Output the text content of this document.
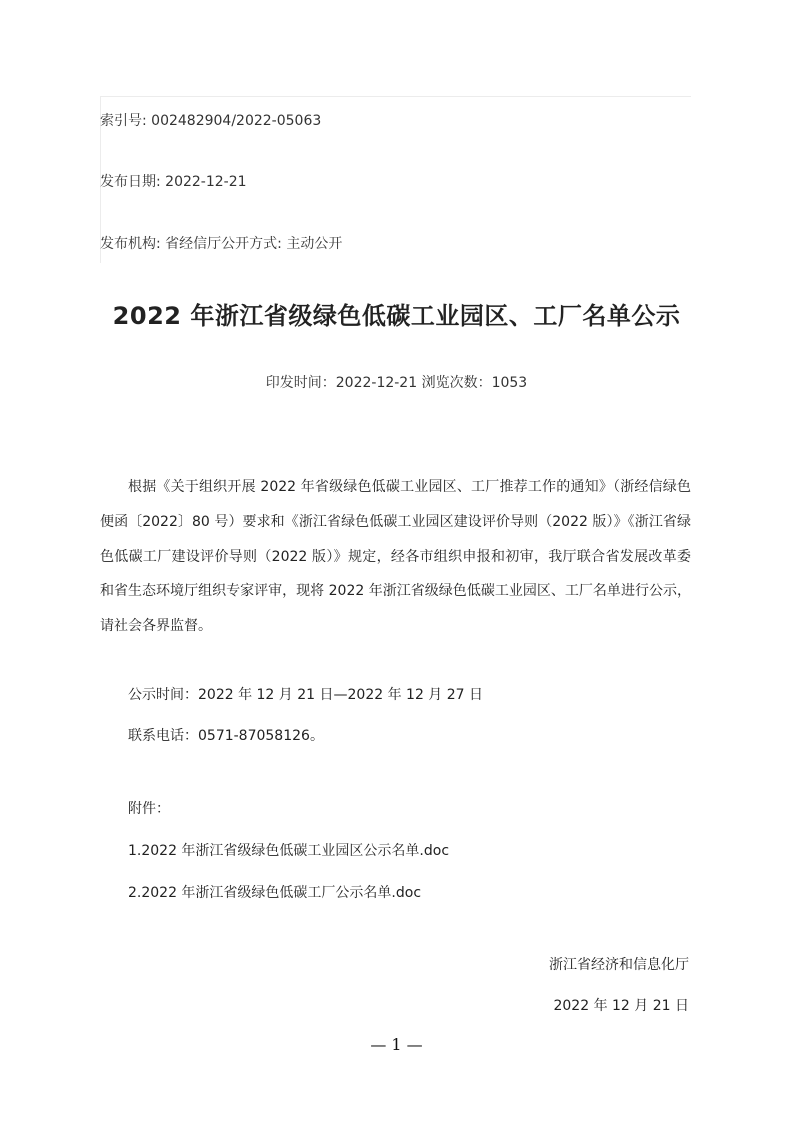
索引号: 002482904/2022-05063
发布日期: 2022-12-21
发布机构: 省经信厅公开方式: 主动公开
2022 年浙江省级绿色低碳工业园区、工厂名单公示
印发时间：2022-12-21 浏览次数：1053
根据《关于组织开展 2022 年省级绿色低碳工业园区、工厂推荐工作的通知》（浙经信绿色便函〔2022〕80 号）要求和《浙江省绿色低碳工业园区建设评价导则（2022 版）》《浙江省绿色低碳工厂建设评价导则（2022 版）》规定，经各市组织申报和初审，我厅联合省发展改革委和省生态环境厅组织专家评审，现将 2022 年浙江省级绿色低碳工业园区、工厂名单进行公示，请社会各界监督。
公示时间：2022 年 12 月 21 日—2022 年 12 月 27 日
联系电话：0571-87058126。
附件：
1.2022 年浙江省级绿色低碳工业园区公示名单.doc
2.2022 年浙江省级绿色低碳工厂公示名单.doc
浙江省经济和信息化厅
2022 年 12 月 21 日
— 1 —
